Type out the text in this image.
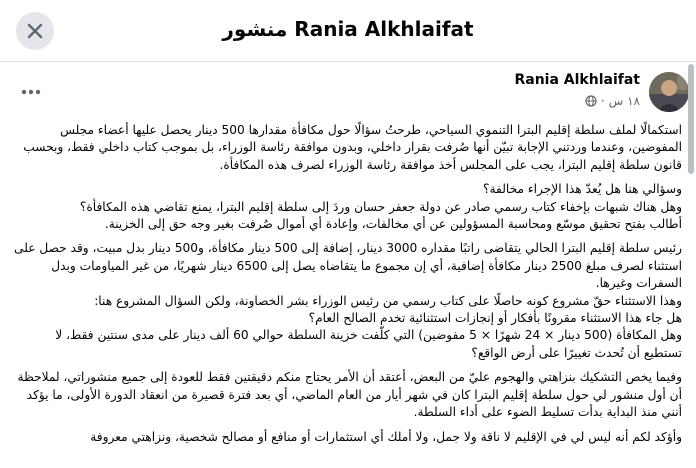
منشور Rania Alkhlaifat
Rania Alkhlaifat
١٨ س
·

استكمالًا لملف سلطة إقليم البترا التنموي السياحي، طرحتُ سؤالًا حول مكافأة مقدارها 500 دينار يحصل عليها أعضاء مجلس المفوضين، وعندما وردتني الإجابة تبيّن أنها صُرفت بقرار داخلي، وبدون موافقة رئاسة الوزراء، بل بموجب كتاب داخلي فقط، وبحسب قانون سلطة إقليم البترا، يجب على المجلس أخذ موافقة رئاسة الوزراء لصرف هذه المكافأة.

وسؤالي هنا هل يُعدّ هذا الإجراء مخالفة؟
وهل هناك شبهات بإخفاء كتاب رسمي صادر عن دولة جعفر حسان وردَ إلى سلطة إقليم البترا، يمنع تقاضي هذه المكافأة؟
أطالب بفتح تحقيق موسّع ومحاسبة المسؤولين عن أي مخالفات، وإعادة أي أموال صُرفت بغير وجه حق إلى الخزينة.

رئيس سلطة إقليم البترا الحالي يتقاضى راتبًا مقداره 3000 دينار، إضافة إلى 500 دينار مكافأة، و500 دينار بدل مبيت، وقد حصل على استثناء لصرف مبلغ 2500 دينار مكافأة إضافية، أي إن مجموع ما يتقاضاه يصل إلى 6500 دينار شهريًا، من غير المياومات وبدل السفرات وغيرها.
وهذا الاستثناء حقّ مشروع كونه حاصلًا على كتاب رسمي من رئيس الوزراء بشر الخصاونة، ولكن السؤال المشروع هنا:
هل جاء هذا الاستثناء مقرونًا بأفكار أو إنجازات استثنائية تخدم الصالح العام؟
وهل المكافأة (500 دينار × 24 شهرًا × 5 مفوضين) التي كلّفت خزينة السلطة حوالي 60 ألف دينار على مدى سنتين فقط، لا تستطيع أن تُحدث تغييرًا على أرض الواقع؟

وفيما يخص التشكيك بنزاهتي والهجوم عليّ من البعض، أعتقد أن الأمر يحتاج منكم دقيقتين فقط للعودة إلى جميع منشوراتي، لملاحظة أن أول منشور لي حول سلطة إقليم البترا كان في شهر أيار من العام الماضي، أي بعد فترة قصيرة من انعقاد الدورة الأولى، ما يؤكد أنني منذ البداية بدأت تسليط الضوء على أداء السلطة.

وأؤكد لكم أنه ليس لي في الإقليم لا ناقة ولا جمل، ولا أملك أي استثمارات أو منافع أو مصالح شخصية، ونزاهتي معروفة
